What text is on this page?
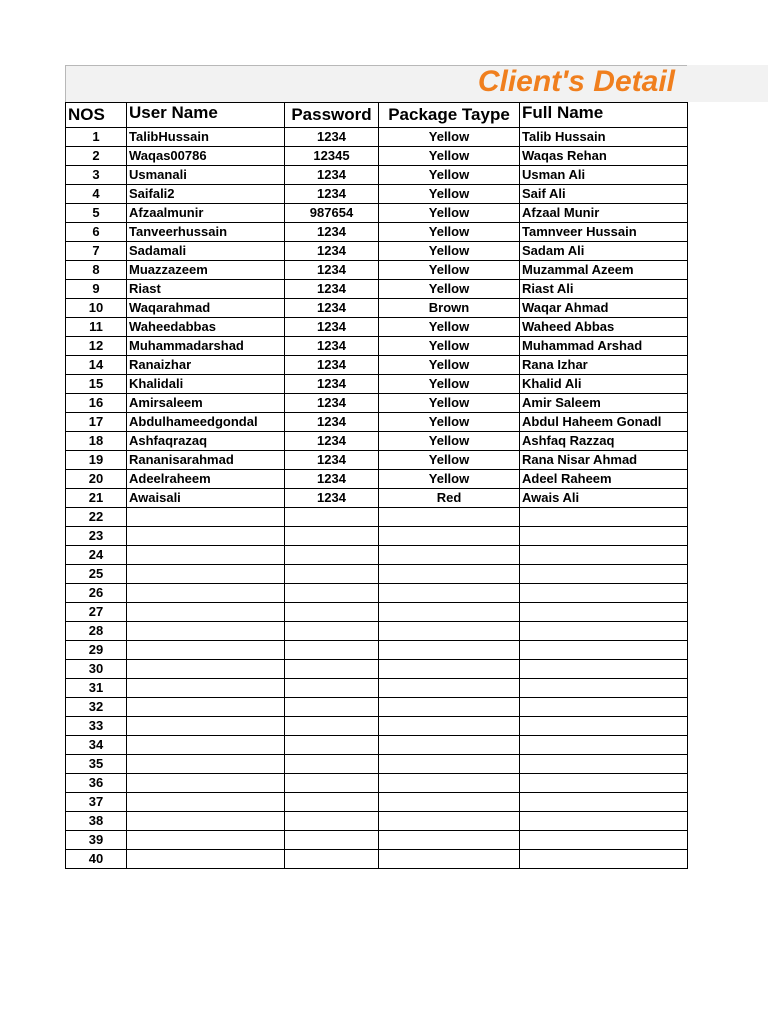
Client's Detail
NOS	User Name	Password	Package Taype	Full Name
1	TalibHussain	1234	Yellow	Talib Hussain
2	Waqas00786	12345	Yellow	Waqas Rehan
3	Usmanali	1234	Yellow	Usman Ali
4	Saifali2	1234	Yellow	Saif Ali
5	Afzaalmunir	987654	Yellow	Afzaal Munir
6	Tanveerhussain	1234	Yellow	Tamnveer Hussain
7	Sadamali	1234	Yellow	Sadam Ali
8	Muazzazeem	1234	Yellow	Muzammal Azeem
9	Riast	1234	Yellow	Riast Ali
10	Waqarahmad	1234	Brown	Waqar Ahmad
11	Waheedabbas	1234	Yellow	Waheed Abbas
12	Muhammadarshad	1234	Yellow	Muhammad Arshad
14	Ranaizhar	1234	Yellow	Rana Izhar
15	Khalidali	1234	Yellow	Khalid Ali
16	Amirsaleem	1234	Yellow	Amir Saleem
17	Abdulhameedgondal	1234	Yellow	Abdul Haheem Gonadl
18	Ashfaqrazaq	1234	Yellow	Ashfaq Razzaq
19	Rananisarahmad	1234	Yellow	Rana Nisar Ahmad
20	Adeelraheem	1234	Yellow	Adeel Raheem
21	Awaisali	1234	Red	Awais Ali
22				
23				
24				
25				
26				
27				
28				
29				
30				
31				
32				
33				
34				
35				
36				
37				
38				
39				
40				
